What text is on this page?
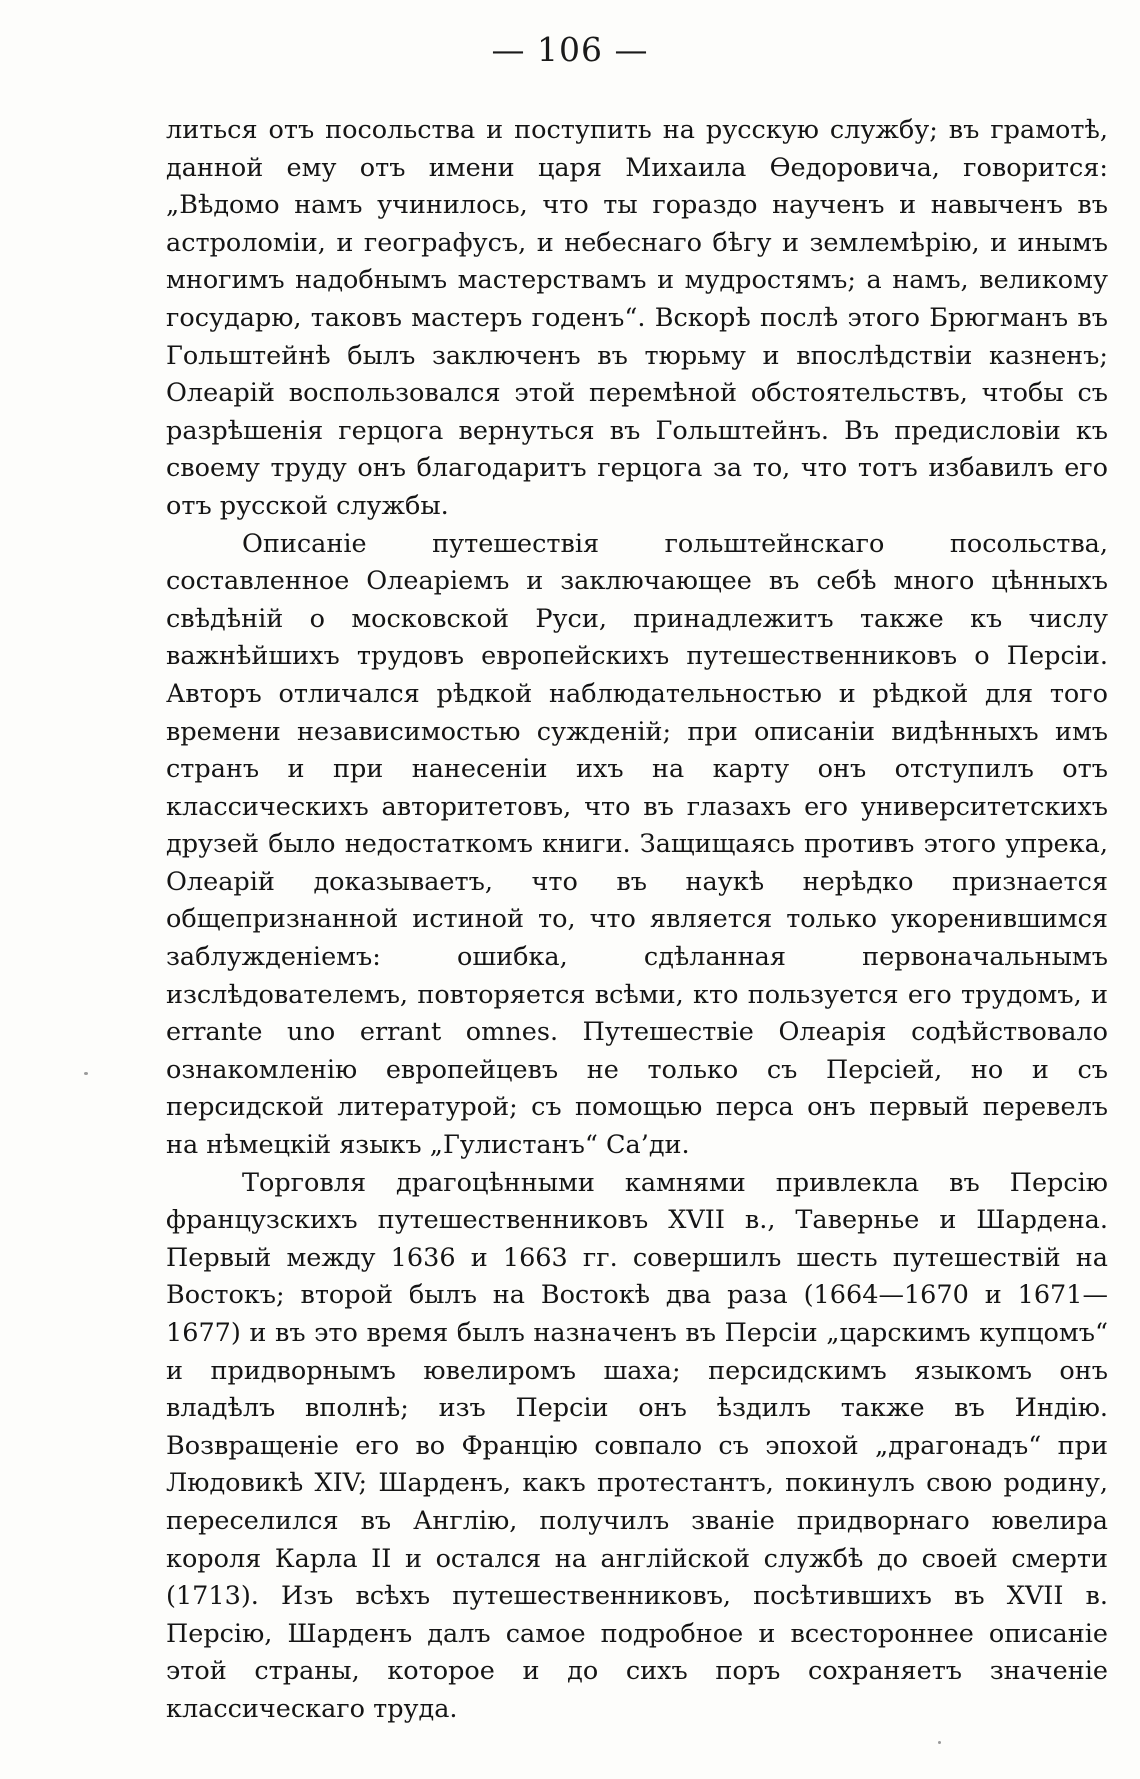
— 106 —

литься отъ посольства и поступить на русскую службу; въ грамотѣ, данной ему отъ имени царя Михаила Ѳедоровича, говорится: „Вѣдомо намъ учинилось, что ты гораздо наученъ и навыченъ въ астроломіи, и географусъ, и небеснаго бѣгу и землемѣрію, и инымъ многимъ надобнымъ мастерствамъ и мудростямъ; а намъ, великому государю, таковъ мастеръ годенъ“. Вскорѣ послѣ этого Брюгманъ въ Гольштейнѣ былъ заключенъ въ тюрьму и впослѣдствіи казненъ; Олеарій воспользовался этой перемѣной обстоятельствъ, чтобы съ разрѣшенія герцога вернуться въ Гольштейнъ. Въ предисловіи къ своему труду онъ благодаритъ герцога за то, что тотъ избавилъ его отъ русской службы.

Описаніе путешествія гольштейнскаго посольства, составленное Олеаріемъ и заключающее въ себѣ много цѣнныхъ свѣдѣній о московской Руси, принадлежитъ также къ числу важнѣйшихъ трудовъ европейскихъ путешественниковъ о Персіи. Авторъ отличался рѣдкой наблюдательностью и рѣдкой для того времени независимостью сужденій; при описаніи видѣнныхъ имъ странъ и при нанесеніи ихъ на карту онъ отступилъ отъ классическихъ авторитетовъ, что въ глазахъ его университетскихъ друзей было недостаткомъ книги. Защищаясь противъ этого упрека, Олеарій доказываетъ, что въ наукѣ нерѣдко признается общепризнанной истиной то, что является только укоренившимся заблужденіемъ: ошибка, сдѣланная первоначальнымъ изслѣдователемъ, повторяется всѣми, кто пользуется его трудомъ, и errante uno errant omnes. Путешествіе Олеарія содѣйствовало ознакомленію европейцевъ не только съ Персіей, но и съ персидской литературой; съ помощью перса онъ первый перевелъ на нѣмецкій языкъ „Гулистанъ“ Са’ди.

Торговля драгоцѣнными камнями привлекла въ Персію французскихъ путешественниковъ XVII в., Тавернье и Шардена. Первый между 1636 и 1663 гг. совершилъ шесть путешествій на Востокъ; второй былъ на Востокѣ два раза (1664—1670 и 1671—1677) и въ это время былъ назначенъ въ Персіи „царскимъ купцомъ“ и придворнымъ ювелиромъ шаха; персидскимъ языкомъ онъ владѣлъ вполнѣ; изъ Персіи онъ ѣздилъ также въ Индію. Возвращеніе его во Францію совпало съ эпохой „драгонадъ“ при Людовикѣ XIV; Шарденъ, какъ протестантъ, покинулъ свою родину, переселился въ Англію, получилъ званіе придворнаго ювелира короля Карла II и остался на англійской службѣ до своей смерти (1713). Изъ всѣхъ путешественниковъ, посѣтившихъ въ XVII в. Персію, Шарденъ далъ самое подробное и всестороннее описаніе этой страны, которое и до сихъ поръ сохраняетъ значеніе классическаго труда.
